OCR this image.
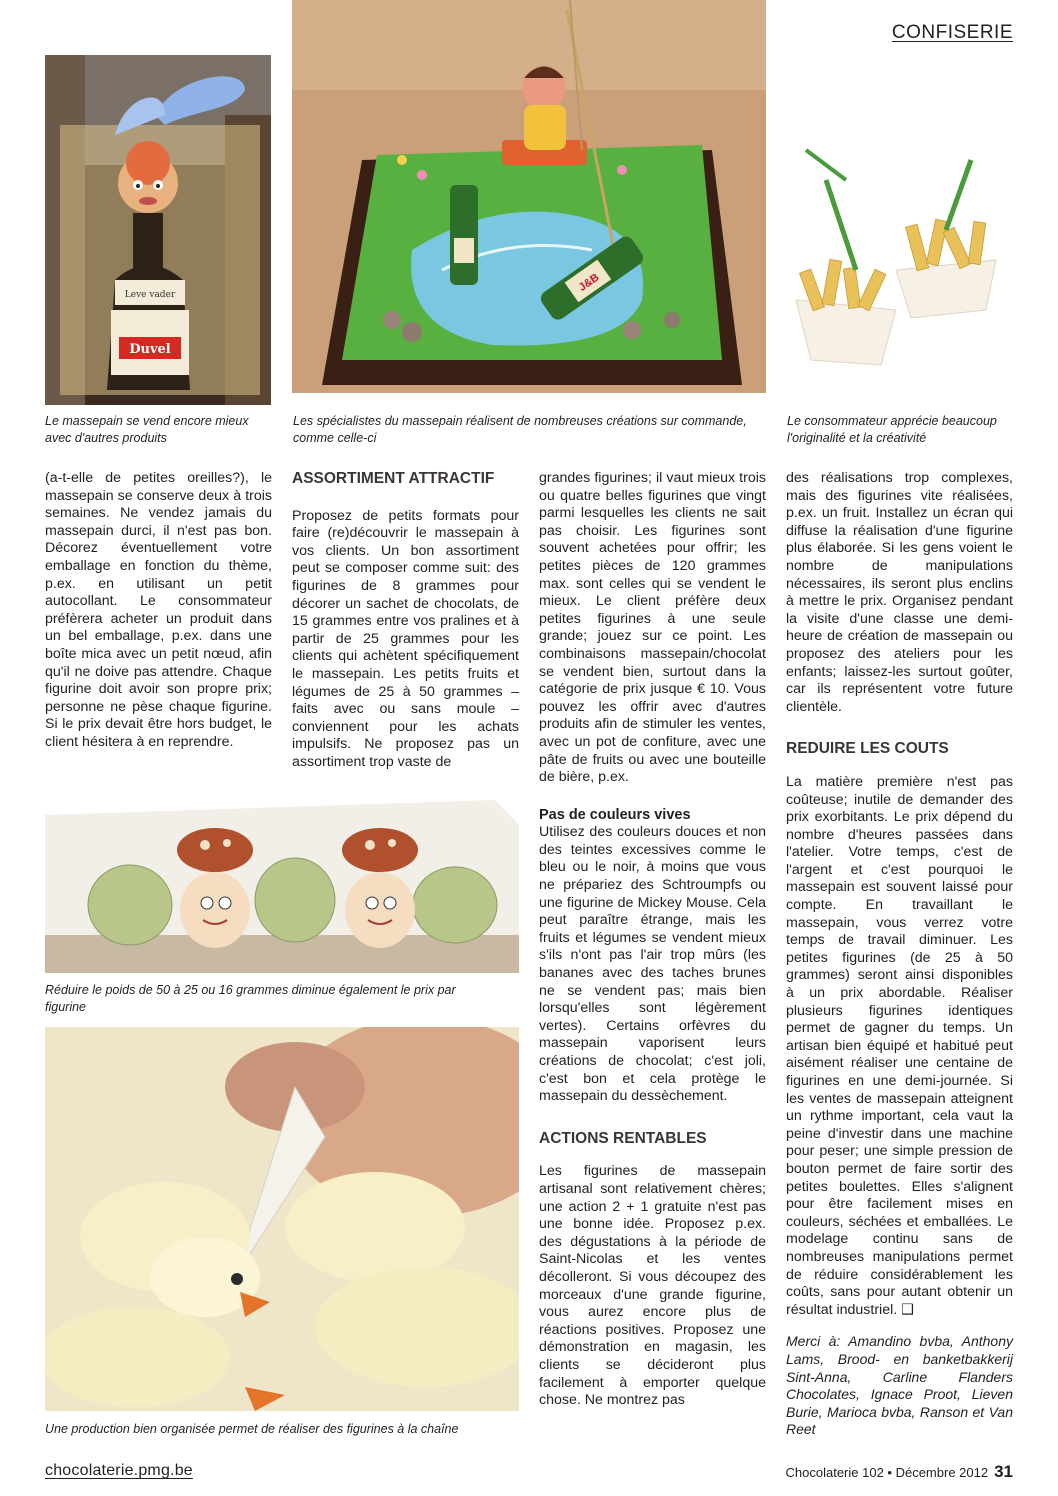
CONFISERIE
Leve vader
Duvel
J&B
Le massepain se vend encore mieux
avec d'autres produits
Les spécialistes du massepain réalisent de nombreuses créations sur commande,
comme celle-ci
Le consommateur apprécie beaucoup
l'originalité et la créativité

(a-t-elle de petites oreilles?), le massepain se conserve deux à trois semaines. Ne vendez jamais du massepain durci, il n'est pas bon. Décorez éventuellement votre emballage en fonction du thème, p.ex. en utilisant un petit autocollant. Le consommateur préfèrera acheter un produit dans un bel emballage, p.ex. dans une boîte mica avec un petit nœud, afin qu'il ne doive pas attendre. Chaque figurine doit avoir son propre prix; personne ne pèse chaque figurine. Si le prix devait être hors budget, le client hésitera à en reprendre.

ASSORTIMENT ATTRACTIF

Proposez de petits formats pour faire (re)découvrir le massepain à vos clients. Un bon assortiment peut se composer comme suit: des figurines de 8 grammes pour décorer un sachet de chocolats, de 15 grammes entre vos pralines et à partir de 25 grammes pour les clients qui achètent spécifiquement le massepain. Les petits fruits et légumes de 25 à 50 grammes – faits avec ou sans moule – conviennent pour les achats impulsifs. Ne proposez pas un assortiment trop vaste de

Réduire le poids de 50 à 25 ou 16 grammes diminue également le prix par
figurine
Une production bien organisée permet de réaliser des figurines à la chaîne

grandes figurines; il vaut mieux trois ou quatre belles figurines que vingt parmi lesquelles les clients ne sait pas choisir. Les figurines sont souvent achetées pour offrir; les petites pièces de 120 grammes max. sont celles qui se vendent le mieux. Le client préfère deux petites figurines à une seule grande; jouez sur ce point. Les combinaisons massepain/chocolat se vendent bien, surtout dans la catégorie de prix jusque € 10. Vous pouvez les offrir avec d'autres produits afin de stimuler les ventes, avec un pot de confiture, avec une pâte de fruits ou avec une bouteille de bière, p.ex.

Pas de couleurs vives

Utilisez des couleurs douces et non des teintes excessives comme le bleu ou le noir, à moins que vous ne prépariez des Schtroumpfs ou une figurine de Mickey Mouse. Cela peut paraître étrange, mais les fruits et légumes se vendent mieux s'ils n'ont pas l'air trop mûrs (les bananes avec des taches brunes ne se vendent pas; mais bien lorsqu'elles sont légèrement vertes). Certains orfèvres du massepain vaporisent leurs créations de chocolat; c'est joli, c'est bon et cela protège le massepain du dessèchement.

ACTIONS RENTABLES

Les figurines de massepain artisanal sont relativement chères; une action 2 + 1 gratuite n'est pas une bonne idée. Proposez p.ex. des dégustations à la période de Saint-Nicolas et les ventes décolleront. Si vous découpez des morceaux d'une grande figurine, vous aurez encore plus de réactions positives. Proposez une démonstration en magasin, les clients se décideront plus facilement à emporter quelque chose. Ne montrez pas

des réalisations trop complexes, mais des figurines vite réalisées, p.ex. un fruit. Installez un écran qui diffuse la réalisation d'une figurine plus élaborée. Si les gens voient le nombre de manipulations nécessaires, ils seront plus enclins à mettre le prix. Organisez pendant la visite d'une classe une demi-heure de création de massepain ou proposez des ateliers pour les enfants; laissez-les surtout goûter, car ils représentent votre future clientèle.

REDUIRE LES COUTS

La matière première n'est pas coûteuse; inutile de demander des prix exorbitants. Le prix dépend du nombre d'heures passées dans l'atelier. Votre temps, c'est de l'argent et c'est pourquoi le massepain est souvent laissé pour compte. En travaillant le massepain, vous verrez votre temps de travail diminuer. Les petites figurines (de 25 à 50 grammes) seront ainsi disponibles à un prix abordable. Réaliser plusieurs figurines identiques permet de gagner du temps. Un artisan bien équipé et habitué peut aisément réaliser une centaine de figurines en une demi-journée. Si les ventes de massepain atteignent un rythme important, cela vaut la peine d'investir dans une machine pour peser; une simple pression de bouton permet de faire sortir des petites boulettes. Elles s'alignent pour être facilement mises en couleurs, séchées et emballées. Le modelage continu sans de nombreuses manipulations permet de réduire considérablement les coûts, sans pour autant obtenir un résultat industriel. ❑

Merci à: Amandino bvba, Anthony Lams, Brood- en banketbakkerij Sint-Anna, Carline Flanders Chocolates, Ignace Proot, Lieven Burie, Marioca bvba, Ranson et Van Reet

chocolaterie.pmg.be	Chocolaterie 102 • Décembre 2012 31
